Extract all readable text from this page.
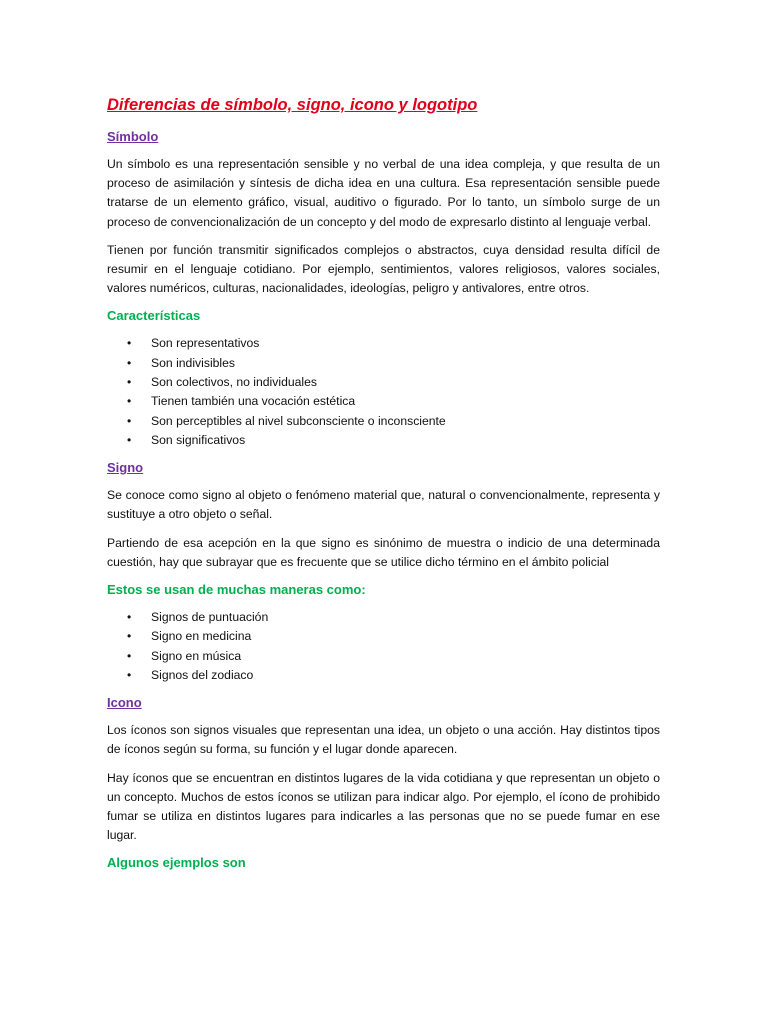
Diferencias de símbolo, signo, icono y logotipo
Símbolo

Un símbolo es una representación sensible y no verbal de una idea compleja, y que resulta de un proceso de asimilación y síntesis de dicha idea en una cultura. Esa representación sensible puede tratarse de un elemento gráfico, visual, auditivo o figurado. Por lo tanto, un símbolo surge de un proceso de convencionalización de un concepto y del modo de expresarlo distinto al lenguaje verbal.

Tienen por función transmitir significados complejos o abstractos, cuya densidad resulta difícil de resumir en el lenguaje cotidiano. Por ejemplo, sentimientos, valores religiosos, valores sociales, valores numéricos, culturas, nacionalidades, ideologías, peligro y antivalores, entre otros.

Características
• Son representativos
• Son indivisibles
• Son colectivos, no individuales
• Tienen también una vocación estética
• Son perceptibles al nivel subconsciente o inconsciente
• Son significativos
Signo

Se conoce como signo al objeto o fenómeno material que, natural o convencionalmente, representa y sustituye a otro objeto o señal.

Partiendo de esa acepción en la que signo es sinónimo de muestra o indicio de una determinada cuestión, hay que subrayar que es frecuente que se utilice dicho término en el ámbito policial

Estos se usan de muchas maneras como:
• Signos de puntuación
• Signo en medicina
• Signo en música
• Signos del zodiaco
Icono

Los íconos son signos visuales que representan una idea, un objeto o una acción. Hay distintos tipos de íconos según su forma, su función y el lugar donde aparecen.

Hay íconos que se encuentran en distintos lugares de la vida cotidiana y que representan un objeto o un concepto. Muchos de estos íconos se utilizan para indicar algo. Por ejemplo, el ícono de prohibido fumar se utiliza en distintos lugares para indicarles a las personas que no se puede fumar en ese lugar.

Algunos ejemplos son
